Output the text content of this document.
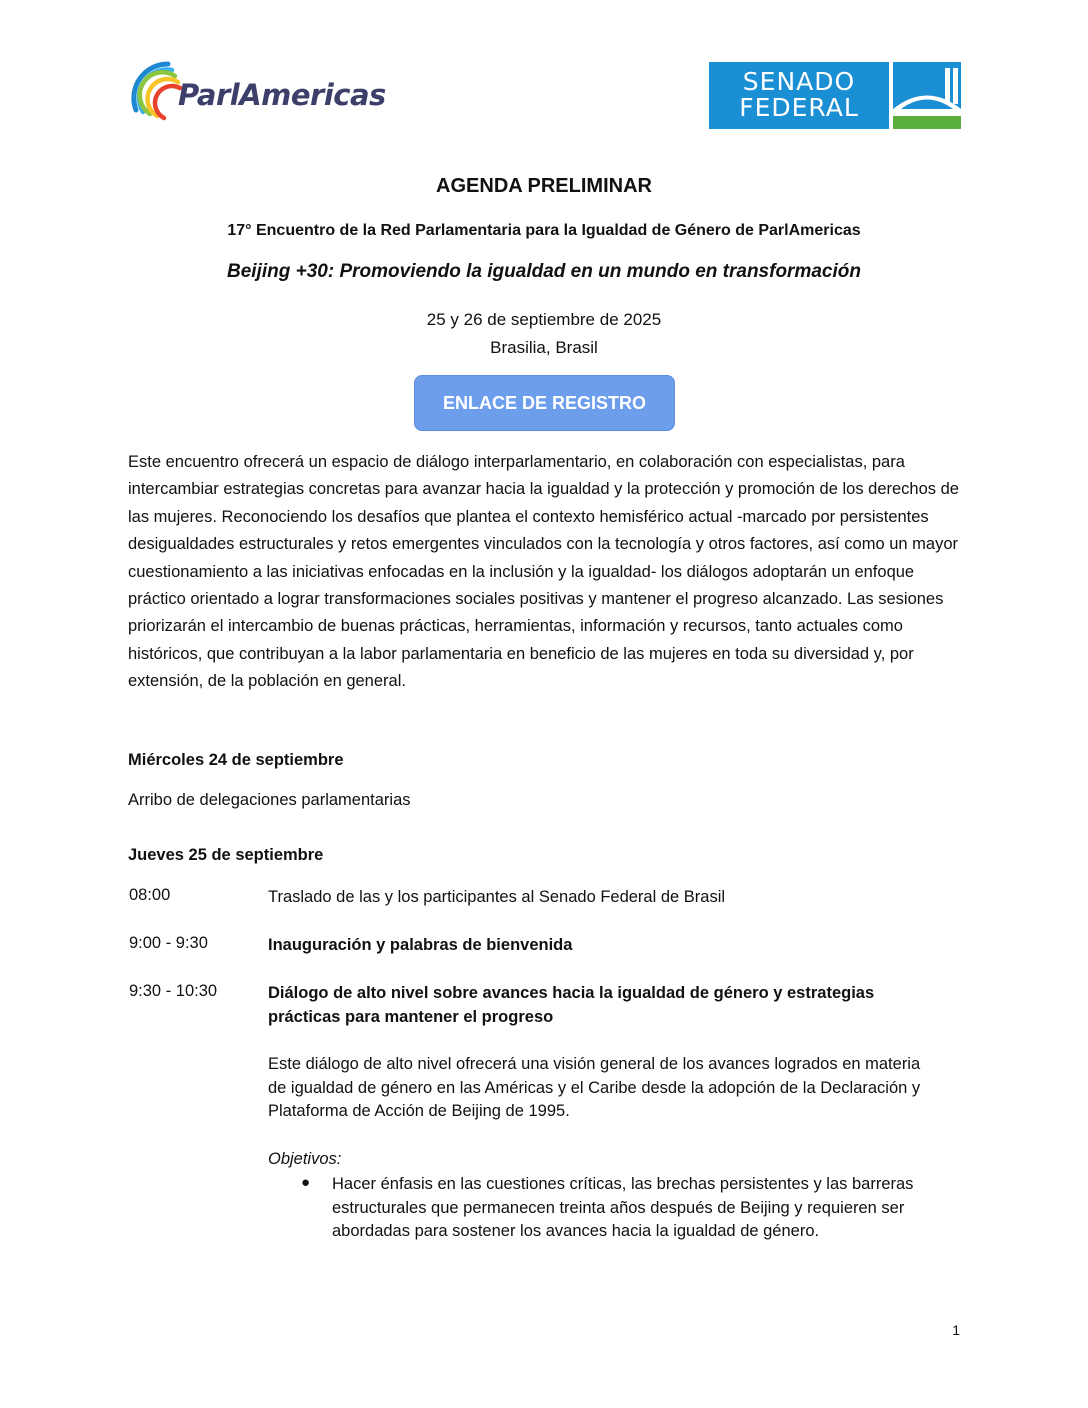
ParlAmericas	SENADO
FEDERAL
AGENDA PRELIMINAR
17° Encuentro de la Red Parlamentaria para la Igualdad de Género de ParlAmericas
Beijing +30: Promoviendo la igualdad en un mundo en transformación
25 y 26 de septiembre de 2025
Brasilia, Brasil
ENLACE DE REGISTRO
Este encuentro ofrecerá un espacio de diálogo interparlamentario, en colaboración con especialistas, para intercambiar estrategias concretas para avanzar hacia la igualdad y la protección y promoción de los derechos de las mujeres. Reconociendo los desafíos que plantea el contexto hemisférico actual -marcado por persistentes desigualdades estructurales y retos emergentes vinculados con la tecnología y otros factores, así como un mayor cuestionamiento a las iniciativas enfocadas en la inclusión y la igualdad- los diálogos adoptarán un enfoque práctico orientado a lograr transformaciones sociales positivas y mantener el progreso alcanzado. Las sesiones priorizarán el intercambio de buenas prácticas, herramientas, información y recursos, tanto actuales como históricos, que contribuyan a la labor parlamentaria en beneficio de las mujeres en toda su diversidad y, por extensión, de la población en general.
Miércoles 24 de septiembre
Arribo de delegaciones parlamentarias
Jueves 25 de septiembre
08:00	Traslado de las y los participantes al Senado Federal de Brasil
9:00 - 9:30	Inauguración y palabras de bienvenida
9:30 - 10:30	Diálogo de alto nivel sobre avances hacia la igualdad de género y estrategias prácticas para mantener el progreso
Este diálogo de alto nivel ofrecerá una visión general de los avances logrados en materia de igualdad de género en las Américas y el Caribe desde la adopción de la Declaración y Plataforma de Acción de Beijing de 1995.
Objetivos:
● Hacer énfasis en las cuestiones críticas, las brechas persistentes y las barreras estructurales que permanecen treinta años después de Beijing y requieren ser abordadas para sostener los avances hacia la igualdad de género.
1
